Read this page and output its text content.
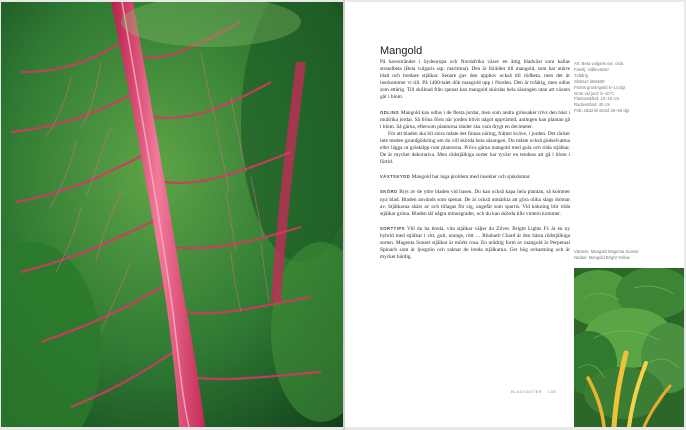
Mangold

På havsstränder i Sydeuropa och Nordafrika växer en ättig bladväxt som kallas strandbeta (Beta vulgaris ssp. maritima). Den är förälder till mangold, som har utärre blad och bredare stjälkar. Senare gav den upphov också till rödbeta, men det är inerkommer vi till. På 1400-talet dök mangold upp i Norden. Den är tvåårig, men odlas som ettårig. Till skillnad från spenat kan mangold skördas hela säsongen utan att växten går i blom.

ODLING Mangold kan odlas i de flesta jordar, men som andra grönsaker trivs den bäst i mullrika jordar. Så fröna först när jorden blivit något uppvärmd, antingen kan plantan gå i blom. Så gärna, eftersom plantorna ränder ska vara drygt en decimeter.

För att bladen ska bli stora måste det finnas näring, främst kväve, i jorden. Det räcker inte meden grundgödsling om du vill skörda hela säsongen. Du måste också gödselvattna eller lägga ut gräsklipp runt plantorna. Pröva gärna mangold med gula och röda stjälkar. De är mycket dekorativa. Men rödstjälkiga sorter har tyvärr en tendens att gå i blom i förtid.

VÄXTSKYDD Mangold har inga problem med insekter och sjukdomar.

SKÖRD Bryt av de yttre bladen vid basen. Du kan också kapa hela plantan, så kommer nya blad. Bladen används som spenat. De är också utmärkta att göra olika slags dolmar av. Stjälkarna skärs av och tillagas för sig, ungefär som sparris. Vid kokning blir röda stjälkar gröna. Bladen tål några minusgrader, och du kan skörda tills vintern kommer.

SORTTIPS Vill du ha breda, vita stjälkar väljer du Zilver. Bright Lights F1 är en ny hybrid med stjälkar i vitt, gult, orange, rött … Rhubarb Chard är den bästa rödstjälkiga sorten. Magenta Sunset stjälkar är mörkt rosa. En urädrig form av mangold är Perpetual Spinach som är ljusgrön och saknar de breda stjälkarna. Ger hög avkastning och är mycket härdig.

Art: Beta vulgaris var. cicla
Familj: målleväxter
Tvåårig
Skötsel: lättskött
Fröets groningstid 5–14 dgr
Grön vid jord: 5–10°C
Plantavstånd: 10–15 cm
Radavstånd: 40 cm
Från sådd till skörd 45–60 dgr
Vänster: Mangold Magenta Sunset
Nedan: Mangold Bright Yellow
BLADVÄXTER 136
